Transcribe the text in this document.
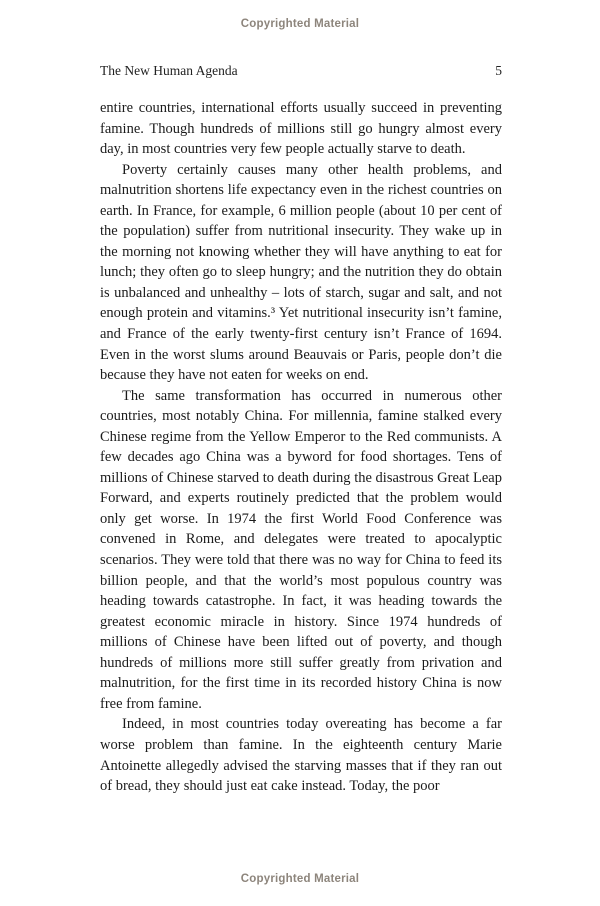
Copyrighted Material
The New Human Agenda	5

entire countries, international efforts usually succeed in preventing famine. Though hundreds of millions still go hungry almost every day, in most countries very few people actually starve to death.

Poverty certainly causes many other health problems, and malnutrition shortens life expectancy even in the richest countries on earth. In France, for example, 6 million people (about 10 per cent of the population) suffer from nutritional insecurity. They wake up in the morning not knowing whether they will have anything to eat for lunch; they often go to sleep hungry; and the nutrition they do obtain is unbalanced and unhealthy – lots of starch, sugar and salt, and not enough protein and vitamins.³ Yet nutritional insecurity isn’t famine, and France of the early twenty-first century isn’t France of 1694. Even in the worst slums around Beauvais or Paris, people don’t die because they have not eaten for weeks on end.

The same transformation has occurred in numerous other countries, most notably China. For millennia, famine stalked every Chinese regime from the Yellow Emperor to the Red communists. A few decades ago China was a byword for food shortages. Tens of millions of Chinese starved to death during the disastrous Great Leap Forward, and experts routinely predicted that the problem would only get worse. In 1974 the first World Food Conference was convened in Rome, and delegates were treated to apocalyptic scenarios. They were told that there was no way for China to feed its billion people, and that the world’s most populous country was heading towards catastrophe. In fact, it was heading towards the greatest economic miracle in history. Since 1974 hundreds of millions of Chinese have been lifted out of poverty, and though hundreds of millions more still suffer greatly from privation and malnutrition, for the first time in its recorded history China is now free from famine.

Indeed, in most countries today overeating has become a far worse problem than famine. In the eighteenth century Marie Antoinette allegedly advised the starving masses that if they ran out of bread, they should just eat cake instead. Today, the poor

Copyrighted Material
